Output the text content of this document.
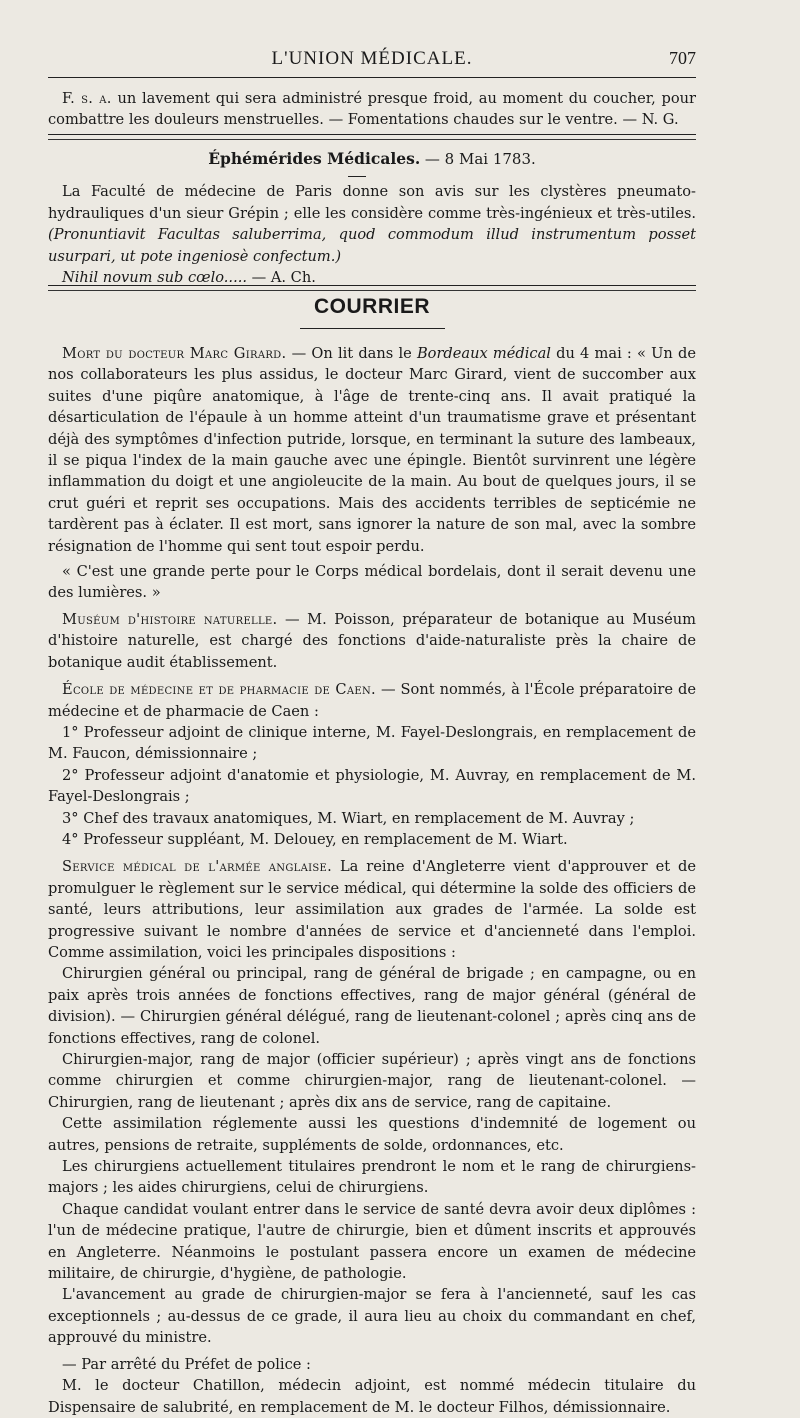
L'UNION MÉDICALE.	707

F. s. a. un lavement qui sera administré presque froid, au moment du coucher, pour combattre les douleurs menstruelles. — Fomentations chaudes sur le ventre. — N. G.

Éphémérides Médicales. — 8 Mai 1783.

La Faculté de médecine de Paris donne son avis sur les clystères pneumato-hydrauliques d'un sieur Grépin ; elle les considère comme très-ingénieux et très-utiles. (Pronuntiavit Facultas saluberrima, quod commodum illud instrumentum posset usurpari, ut pote ingeniosè confectum.)

Nihil novum sub cœlo..... — A. Ch.

COURRIER

Mort du docteur Marc Girard. — On lit dans le Bordeaux médical du 4 mai : « Un de nos collaborateurs les plus assidus, le docteur Marc Girard, vient de succomber aux suites d'une piqûre anatomique, à l'âge de trente-cinq ans. Il avait pratiqué la désarticulation de l'épaule à un homme atteint d'un traumatisme grave et présentant déjà des symptômes d'infection putride, lorsque, en terminant la suture des lambeaux, il se piqua l'index de la main gauche avec une épingle. Bientôt survinrent une légère inflammation du doigt et une angioleucite de la main. Au bout de quelques jours, il se crut guéri et reprit ses occupations. Mais des accidents terribles de septicémie ne tardèrent pas à éclater. Il est mort, sans ignorer la nature de son mal, avec la sombre résignation de l'homme qui sent tout espoir perdu.

« C'est une grande perte pour le Corps médical bordelais, dont il serait devenu une des lumières. »

Muséum d'histoire naturelle. — M. Poisson, préparateur de botanique au Muséum d'histoire naturelle, est chargé des fonctions d'aide-naturaliste près la chaire de botanique audit établissement.

École de médecine et de pharmacie de Caen. — Sont nommés, à l'École préparatoire de médecine et de pharmacie de Caen :

1° Professeur adjoint de clinique interne, M. Fayel-Deslongrais, en remplacement de M. Faucon, démissionnaire ;

2° Professeur adjoint d'anatomie et physiologie, M. Auvray, en remplacement de M. Fayel-Deslongrais ;

3° Chef des travaux anatomiques, M. Wiart, en remplacement de M. Auvray ;

4° Professeur suppléant, M. Delouey, en remplacement de M. Wiart.

Service médical de l'armée anglaise. La reine d'Angleterre vient d'approuver et de promulguer le règlement sur le service médical, qui détermine la solde des officiers de santé, leurs attributions, leur assimilation aux grades de l'armée. La solde est progressive suivant le nombre d'années de service et d'ancienneté dans l'emploi. Comme assimilation, voici les principales dispositions :

Chirurgien général ou principal, rang de général de brigade ; en campagne, ou en paix après trois années de fonctions effectives, rang de major général (général de division). — Chirurgien général délégué, rang de lieutenant-colonel ; après cinq ans de fonctions effectives, rang de colonel.

Chirurgien-major, rang de major (officier supérieur) ; après vingt ans de fonctions comme chirurgien et comme chirurgien-major, rang de lieutenant-colonel. — Chirurgien, rang de lieutenant ; après dix ans de service, rang de capitaine.

Cette assimilation réglemente aussi les questions d'indemnité de logement ou autres, pensions de retraite, suppléments de solde, ordonnances, etc.

Les chirurgiens actuellement titulaires prendront le nom et le rang de chirurgiens-majors ; les aides chirurgiens, celui de chirurgiens.

Chaque candidat voulant entrer dans le service de santé devra avoir deux diplômes : l'un de médecine pratique, l'autre de chirurgie, bien et dûment inscrits et approuvés en Angleterre. Néanmoins le postulant passera encore un examen de médecine militaire, de chirurgie, d'hygiène, de pathologie.

L'avancement au grade de chirurgien-major se fera à l'ancienneté, sauf les cas exceptionnels ; au-dessus de ce grade, il aura lieu au choix du commandant en chef, approuvé du ministre.

— Par arrêté du Préfet de police :

M. le docteur Chatillon, médecin adjoint, est nommé médecin titulaire du Dispensaire de salubrité, en remplacement de M. le docteur Filhos, démissionnaire.
